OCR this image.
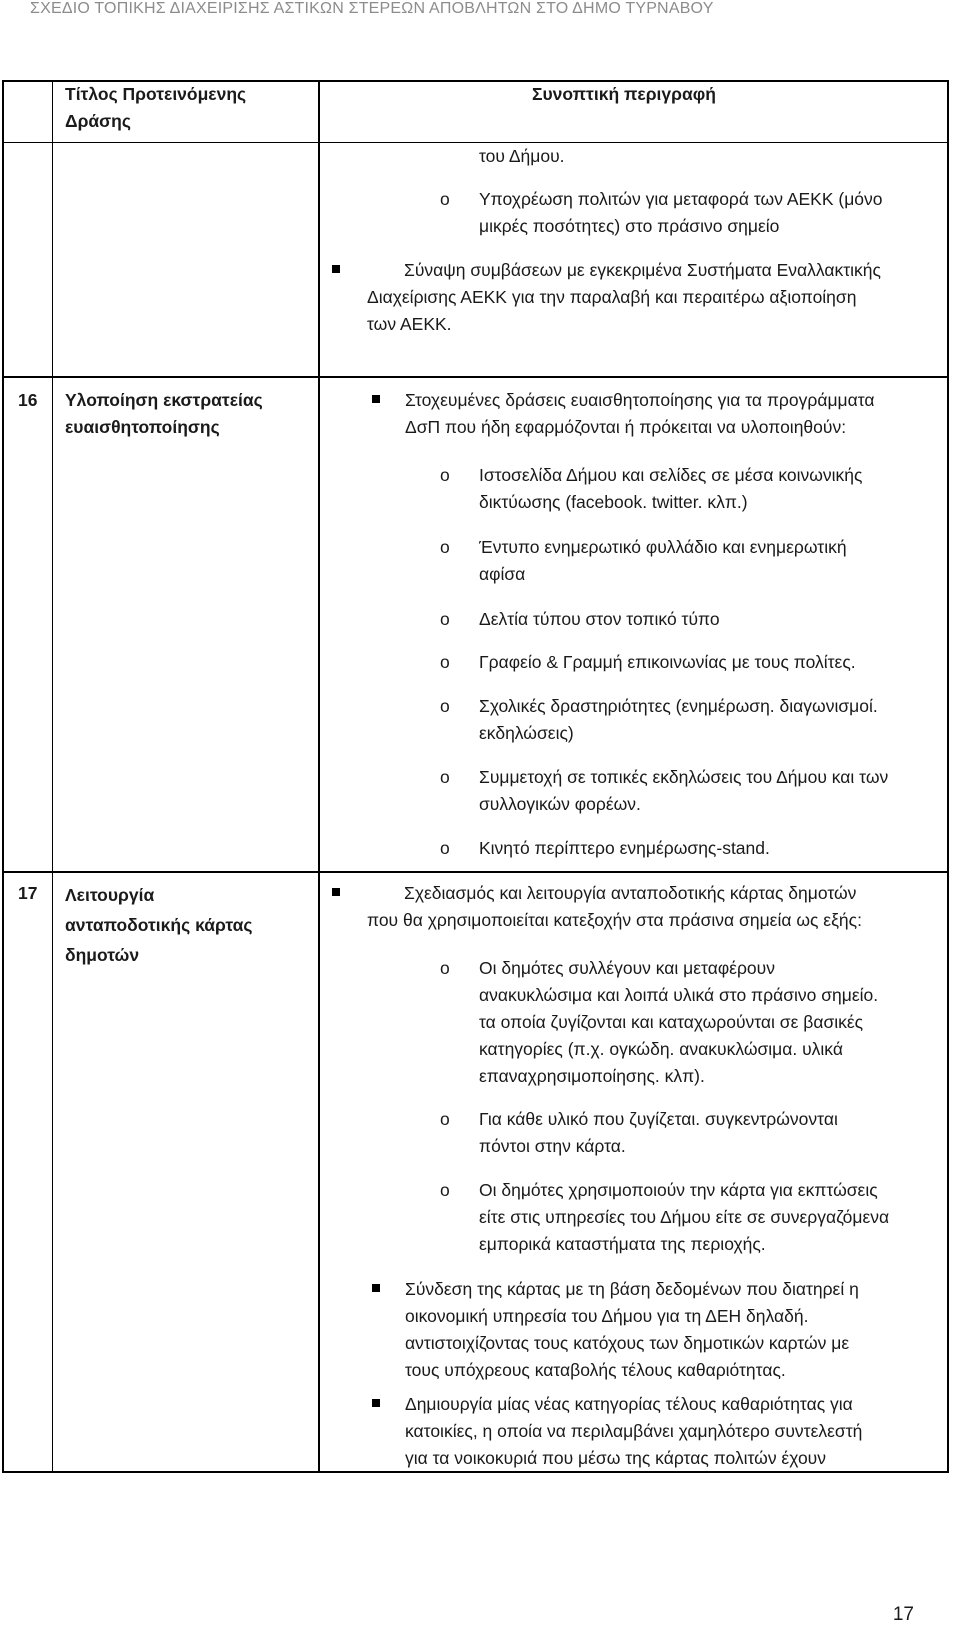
ΣΧΕΔΙΟ ΤΟΠΙΚΗΣ ΔΙΑΧΕΙΡΙΣΗΣ ΑΣΤΙΚΩΝ ΣΤΕΡΕΩΝ ΑΠΟΒΛΗΤΩΝ ΣΤΟ ΔΗΜΟ ΤΥΡΝΑΒΟΥ
Τίτλος Προτεινόμενης
Δράσης
Συνοπτική περιγραφή
του Δήμου.
o Υποχρέωση πολιτών για μεταφορά των ΑΕΚΚ (μόνο
μικρές ποσότητες) στο πράσινο σημείο
Σύναψη συμβάσεων με εγκεκριμένα Συστήματα Εναλλακτικής
Διαχείρισης ΑΕΚΚ για την παραλαβή και περαιτέρω αξιοποίηση
των ΑΕΚΚ.
16 Υλοποίηση εκστρατείας
ευαισθητοποίησης
Στοχευμένες δράσεις ευαισθητοποίησης για τα προγράμματα
ΔσΠ που ήδη εφαρμόζονται ή πρόκειται να υλοποιηθούν:
o Ιστοσελίδα Δήμου και σελίδες σε μέσα κοινωνικής
δικτύωσης (facebook. twitter. κλπ.)
o Έντυπο ενημερωτικό φυλλάδιο και ενημερωτική
αφίσα
o Δελτία τύπου στον τοπικό τύπο
o Γραφείο & Γραμμή επικοινωνίας με τους πολίτες.
o Σχολικές δραστηριότητες (ενημέρωση. διαγωνισμοί.
εκδηλώσεις)
o Συμμετοχή σε τοπικές εκδηλώσεις του Δήμου και των
συλλογικών φορέων.
o Κινητό περίπτερο ενημέρωσης-stand.
17 Λειτουργία
ανταποδοτικής κάρτας
δημοτών
Σχεδιασμός και λειτουργία ανταποδοτικής κάρτας δημοτών
που θα χρησιμοποιείται κατεξοχήν στα πράσινα σημεία ως εξής:
o Οι δημότες συλλέγουν και μεταφέρουν
ανακυκλώσιμα και λοιπά υλικά στο πράσινο σημείο.
τα οποία ζυγίζονται και καταχωρούνται σε βασικές
κατηγορίες (π.χ. ογκώδη. ανακυκλώσιμα. υλικά
επαναχρησιμοποίησης. κλπ).
o Για κάθε υλικό που ζυγίζεται. συγκεντρώνονται
πόντοι στην κάρτα.
o Οι δημότες χρησιμοποιούν την κάρτα για εκπτώσεις
είτε στις υπηρεσίες του Δήμου είτε σε συνεργαζόμενα
εμπορικά καταστήματα της περιοχής.
Σύνδεση της κάρτας με τη βάση δεδομένων που διατηρεί η
οικονομική υπηρεσία του Δήμου για τη ΔΕΗ δηλαδή.
αντιστοιχίζοντας τους κατόχους των δημοτικών καρτών με
τους υπόχρεους καταβολής τέλους καθαριότητας.
Δημιουργία μίας νέας κατηγορίας τέλους καθαριότητας για
κατοικίες, η οποία να περιλαμβάνει χαμηλότερο συντελεστή
για τα νοικοκυριά που μέσω της κάρτας πολιτών έχουν
17
